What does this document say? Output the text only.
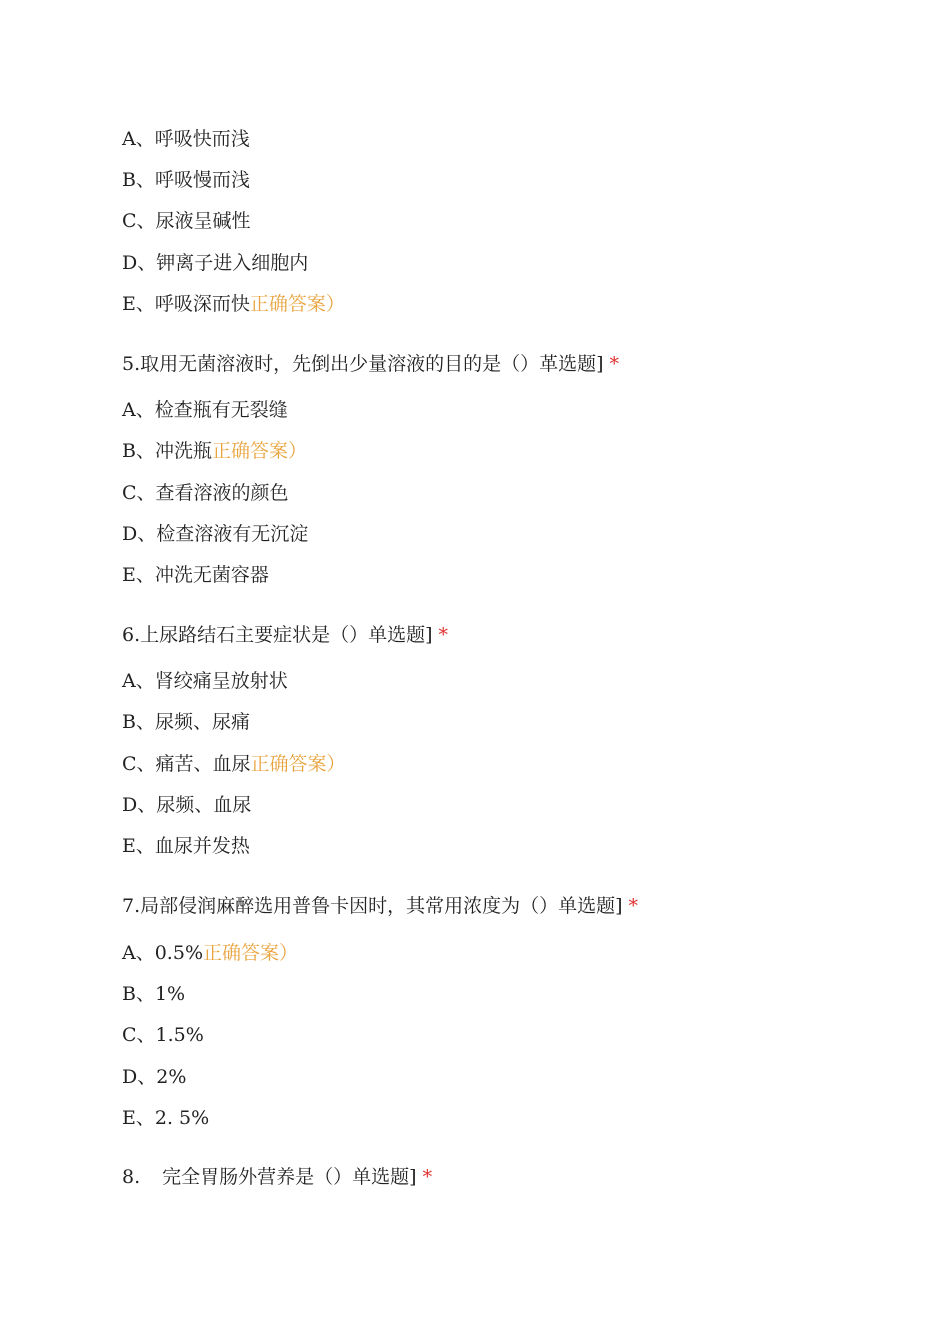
A、呼吸快而浅
B、呼吸慢而浅
C、尿液呈碱性
D、钾离子进入细胞内
E、呼吸深而快正确答案）
5.取用无菌溶液时，先倒出少量溶液的目的是（）革选题] *
A、检查瓶有无裂缝
B、冲洗瓶正确答案）
C、查看溶液的颜色
D、检查溶液有无沉淀
E、冲洗无菌容器
6.上尿路结石主要症状是（）单选题] *
A、肾绞痛呈放射状
B、尿频、尿痛
C、痛苦、血尿正确答案）
D、尿频、血尿
E、血尿并发热
7.局部侵润麻醉选用普鲁卡因时，其常用浓度为（）单选题] *
A、0.5%正确答案）
B、1%
C、1.5%
D、2%
E、2. 5%
8. 完全胃肠外营养是（）单选题] *
